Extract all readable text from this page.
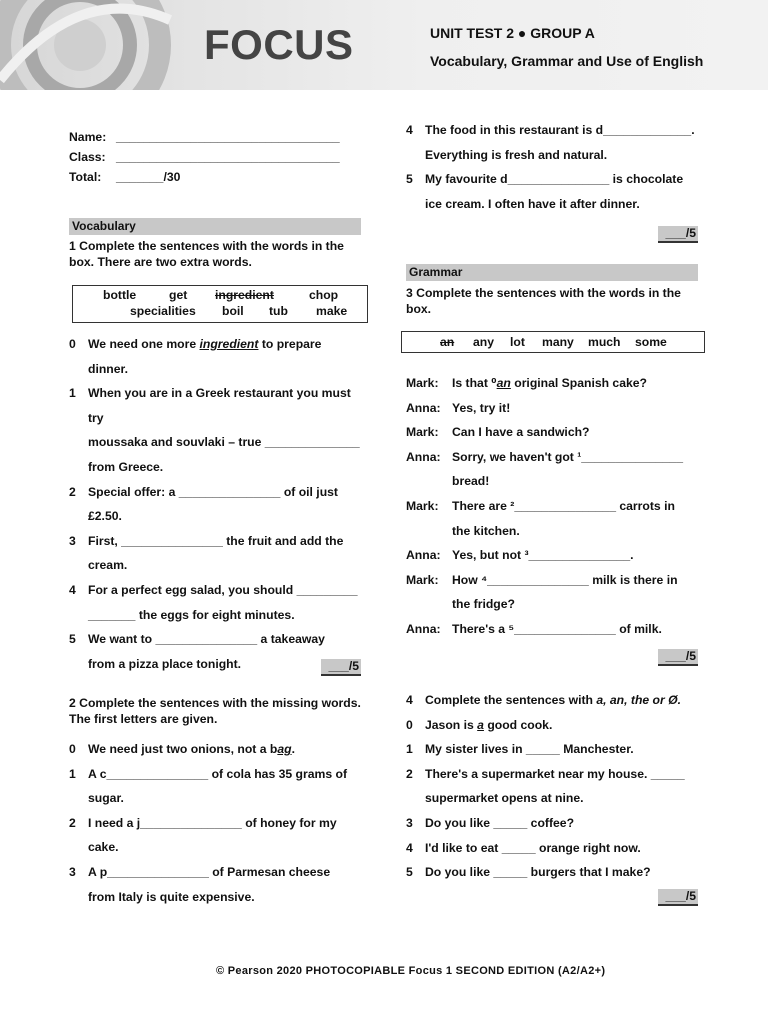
FOCUS	UNIT TEST 2 ● GROUP A
Vocabulary, Grammar and Use of English
Name: _________________________________
Class: _________________________________
Total: _______/30
Vocabulary
1 Complete the sentences with the words in the box. There are two extra words.
bottle	get ingredient	chop
specialities boil tub make
0 We need one more ingredient to prepare
dinner.
1 When you are in a Greek restaurant you must try
moussaka and souvlaki – true ______________
from Greece.
2 Special offer: a _______________ of oil just
£2.50.
3 First, _______________ the fruit and add the
cream.
4 For a perfect egg salad, you should _________
_______ the eggs for eight minutes.
5 We want to _______________ a takeaway
from a pizza place tonight.	___/5
2 Complete the sentences with the missing words. The first letters are given.
0 We need just two onions, not a bag.
1 A c_______________ of cola has 35 grams of
sugar.
2 I need a j_______________ of honey for my
cake.
3 A p_______________ of Parmesan cheese
from Italy is quite expensive.
4 The food in this restaurant is d_____________.
Everything is fresh and natural.
5 My favourite d_______________ is chocolate
ice cream. I often have it after dinner.
___/5
Grammar
3 Complete the sentences with the words in the box.
an any lot many much some
Mark: Is that ⁰an original Spanish cake?
Anna: Yes, try it!
Mark: Can I have a sandwich?
Anna: Sorry, we haven't got ¹_______________
bread!
Mark: There are ²_______________ carrots in
the kitchen.
Anna: Yes, but not ³_______________.
Mark: How ⁴_______________ milk is there in
the fridge?
Anna: There's a ⁵_______________ of milk.
___/5
4 Complete the sentences with a, an, the or Ø.
0 Jason is a good cook.
1 My sister lives in _____ Manchester.
2 There's a supermarket near my house. _____
supermarket opens at nine.
3 Do you like _____ coffee?
4 I'd like to eat _____ orange right now.
5 Do you like _____ burgers that I make?
___/5
© Pearson 2020 PHOTOCOPIABLE Focus 1 SECOND EDITION (A2/A2+)
